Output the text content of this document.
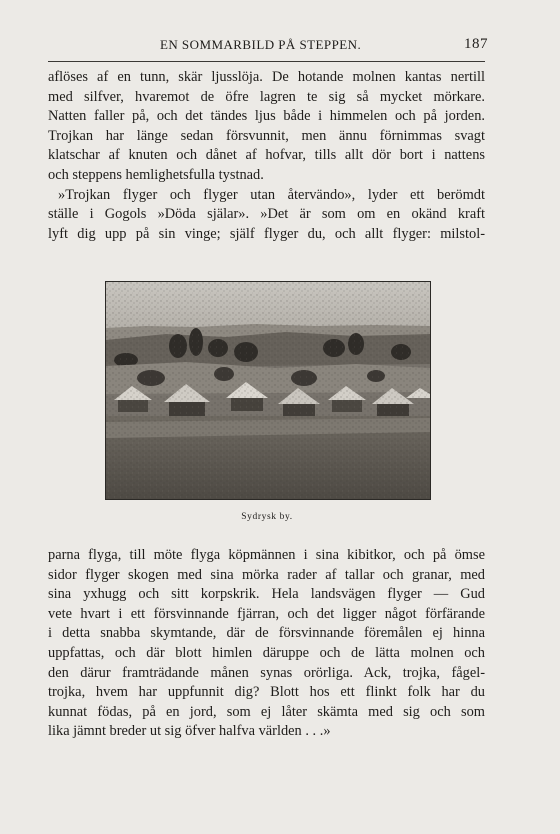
EN SOMMARBILD PÅ STEPPEN.	187

aflöses af en tunn, skär ljusslöja. De hotande molnen kantas nertill
med silfver, hvaremot de öfre lagren te sig så mycket mörkare.
Natten faller på, och det tändes ljus både i himmelen och på jorden.
Trojkan har länge sedan försvunnit, men ännu förnimmas svagt
klatschar af knuten och dånet af hofvar, tills allt dör bort i nattens
och steppens hemlighetsfulla tystnad.
»Trojkan flyger och flyger utan återvändo», lyder ett berömdt
ställe i Gogols »Döda själar». »Det är som om en okänd kraft
lyft dig upp på sin vinge; själf flyger du, och allt flyger: milstol-

Sydrysk by.

parna flyga, till möte flyga köpmännen i sina kibitkor, och på ömse
sidor flyger skogen med sina mörka rader af tallar och granar, med
sina yxhugg och sitt korpskrik. Hela landsvägen flyger — Gud
vete hvart i ett försvinnande fjärran, och det ligger något förfärande
i detta snabba skymtande, där de försvinnande föremålen ej hinna
uppfattas, och där blott himlen däruppe och de lätta molnen och
den därur framträdande månen synas orörliga. Ack, trojka, fågel-
trojka, hvem har uppfunnit dig? Blott hos ett flinkt folk har du
kunnat födas, på en jord, som ej låter skämta med sig och som
lika jämnt breder ut sig öfver halfva världen . . .»
